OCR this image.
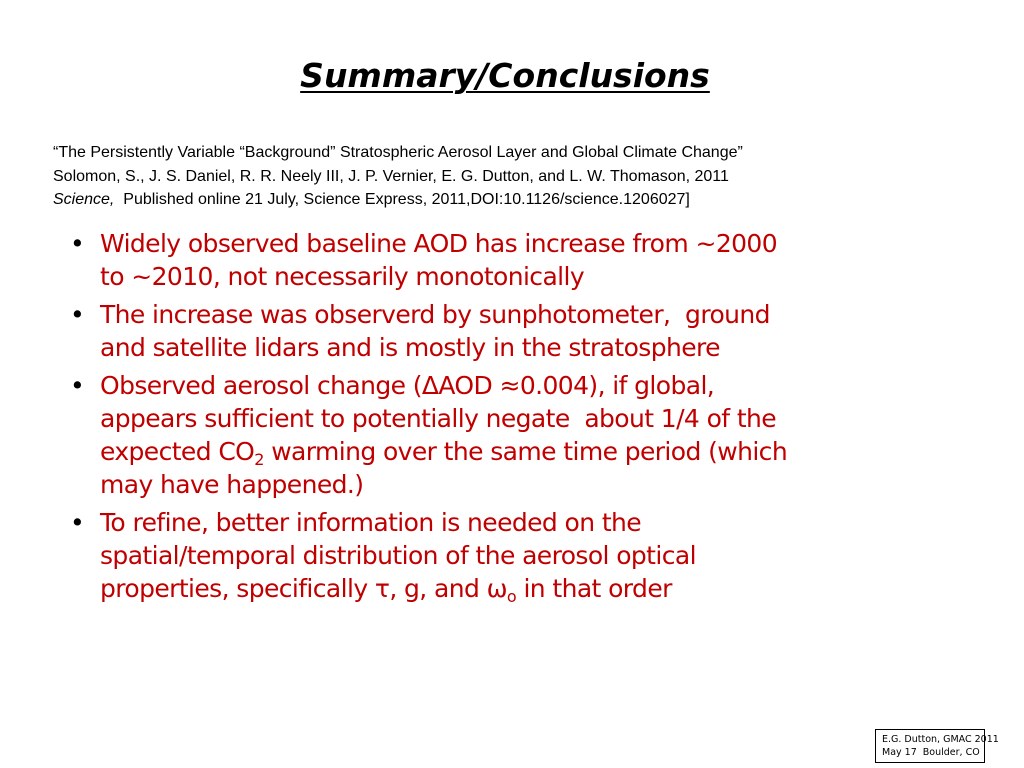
Summary/Conclusions
“The Persistently Variable “Background” Stratospheric Aerosol Layer and Global Climate Change”
Solomon, S., J. S. Daniel, R. R. Neely III, J. P. Vernier, E. G. Dutton, and L. W. Thomason, 2011
Science,  Published online 21 July, Science Express, 2011,DOI:10.1126/science.1206027]
• Widely observed baseline AOD has increase from ~2000
to ~2010, not necessarily monotonically
• The increase was observerd by sunphotometer,  ground
and satellite lidars and is mostly in the stratosphere
• Observed aerosol change (ΔAOD ≈0.004), if global,
appears sufficient to potentially negate  about 1/4 of the
expected $CO_2$ warming over the same time period (which
may have happened.)
• To refine, better information is needed on the
spatial/temporal distribution of the aerosol optical
properties, specifically τ, g, and $\omega_o$ in that order
E.G. Dutton, GMAC 2011
May 17  Boulder, CO
